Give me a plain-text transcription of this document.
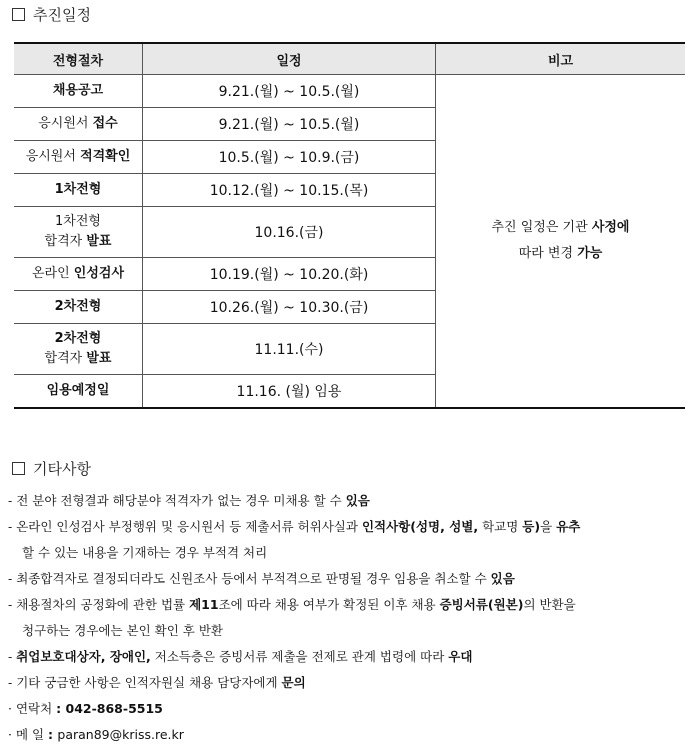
추진일정
전형절차	일정	비고
채용공고	9.21.(월) ~ 10.5.(월)	추진 일정은 기관 사정에
따라 변경 가능
응시원서 접수	9.21.(월) ~ 10.5.(월)	
응시원서 적격확인	10.5.(월) ~ 10.9.(금)	
1차전형	10.12.(월) ~ 10.15.(목)	
1차전형
합격자 발표	10.16.(금)	
온라인 인성검사	10.19.(월) ~ 10.20.(화)	
2차전형	10.26.(월) ~ 10.30.(금)	
2차전형
합격자 발표	11.11.(수)	
임용예정일	11.16. (월) 임용	
기타사항
- 전 분야 전형결과 해당분야 적격자가 없는 경우 미채용 할 수 있음
- 온라인 인성검사 부정행위 및 응시원서 등 제출서류 허위사실과 인적사항(성명, 성별, 학교명 등)을 유추
할 수 있는 내용을 기재하는 경우 부적격 처리
- 최종합격자로 결정되더라도 신원조사 등에서 부적격으로 판명될 경우 임용을 취소할 수 있음
- 채용절차의 공정화에 관한 법률 제11조에 따라 채용 여부가 확정된 이후 채용 증빙서류(원본)의 반환을
청구하는 경우에는 본인 확인 후 반환
- 취업보호대상자, 장애인, 저소득층은 증빙서류 제출을 전제로 관계 법령에 따라 우대
- 기타 궁금한 사항은 인적자원실 채용 담당자에게 문의
· 연락처 : 042-868-5515
· 메 일 : paran89@kriss.re.kr
